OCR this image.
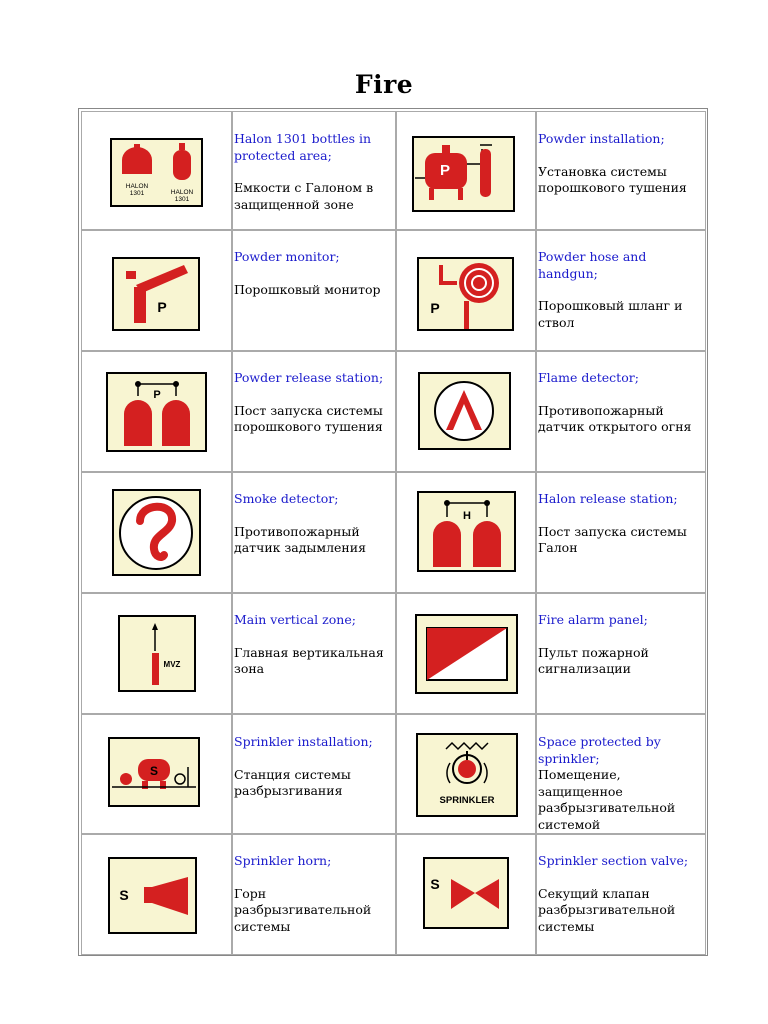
Fire
HALON
1301	HALON
1301
Halon 1301 bottles in protected area;
Емкости с Галоном в защищенной зоне
P
Powder installation;
Установка системы порошкового тушения
P
Powder monitor;
Порошковый монитор
P
Powder hose and handgun;
Порошковый шланг и ствол
P
Powder release station;
Пост запуска системы порошкового тушения
Flame detector;
Противопожарный датчик открытого огня
Smoke detector;
Противопожарный датчик задымления
H
Halon release station;
Пост запуска системы Галон
MVZ
Main vertical zone;
Главная вертикальная зона
Fire alarm panel;
Пульт пожарной сигнализации
S
Sprinkler installation;
Станция системы разбрызгивания
SPRINKLER
Space protected by sprinkler;
Помещение, защищенное разбрызгивательной системой
S
Sprinkler horn;
Горн разбрызгивательной системы
S
Sprinkler section valve;
Секущий клапан разбрызгивательной системы
